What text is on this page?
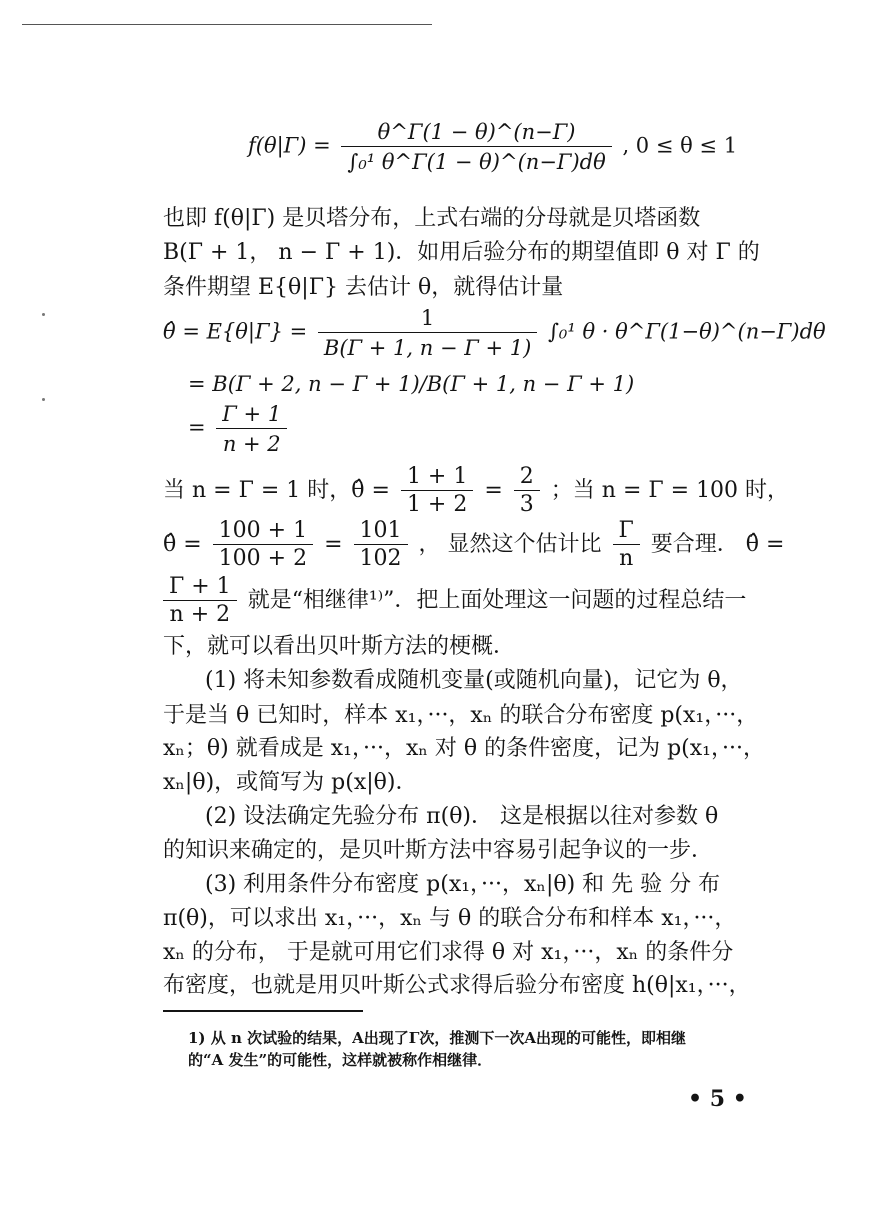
$f(\theta|\Gamma) = \frac{\theta\^{}\Gamma(1 - \theta)\^{}(n-\Gamma)}{\text{∫₀¹ θ\textasciicircum{}Γ(1 − θ)\textasciicircum{}(n−Γ)dθ}}$ , 0 ≤ θ ≤ 1
也即 f(θ|Γ) 是贝塔分布，上式右端的分母就是贝塔函数
B(Γ + 1， n − Γ + 1)．如用后验分布的期望值即 θ 对 Γ 的
条件期望 E{θ|Γ} 去估计 θ，就得估计量
θ̂ = $E\{\theta|\Gamma\} = \frac{1}{B(\Gamma + 1, n - \Gamma + 1)} \int_0^1$ θ · θ^Γ(1−θ)^(n−Γ)dθ
= B(Γ + 2, n − Γ + 1)/B(Γ + 1, n − Γ + 1)
= $\frac{\Gamma + 1}{n + 2}$
当 n = Γ = 1 时，θ̂ = $\frac{1 + 1}{1 + 2} = \frac{2}{3}$ ；当 n = Γ = 100 时，
θ̂ = $\frac{100 + 1}{100 + 2} = \frac{101}{102}$ ， 显然这个估计比 $\frac{\Gamma}{n}$ 要合理． θ̂ =
$\frac{\Gamma + 1}{n + 2}$ 就是“相继律¹⁾”．把上面处理这一问题的过程总结一
下，就可以看出贝叶斯方法的梗概．
(1) 将未知参数看成随机变量(或随机向量)，记它为 θ，
于是当 θ 已知时，样本 x₁，···，xₙ 的联合分布密度 p(x₁，···，
xₙ；θ) 就看成是 x₁，···，xₙ 对 θ 的条件密度，记为 p(x₁，···，
xₙ|θ)，或简写为 p(x|θ)．
(2) 设法确定先验分布 π(θ)． 这是根据以往对参数 θ
的知识来确定的，是贝叶斯方法中容易引起争议的一步．
(3) 利用条件分布密度 p(x₁，···，xₙ|θ) 和 先 验 分 布
π(θ)，可以求出 x₁，···，xₙ 与 θ 的联合分布和样本 x₁，···，
xₙ 的分布， 于是就可用它们求得 θ 对 x₁，···，xₙ 的条件分
布密度，也就是用贝叶斯公式求得后验分布密度 h(θ|x₁，···，
1) 从 n 次试验的结果，A出现了Γ次，推测下一次A出现的可能性，即相继
的“A 发生”的可能性，这样就被称作相继律．
• 5 •
